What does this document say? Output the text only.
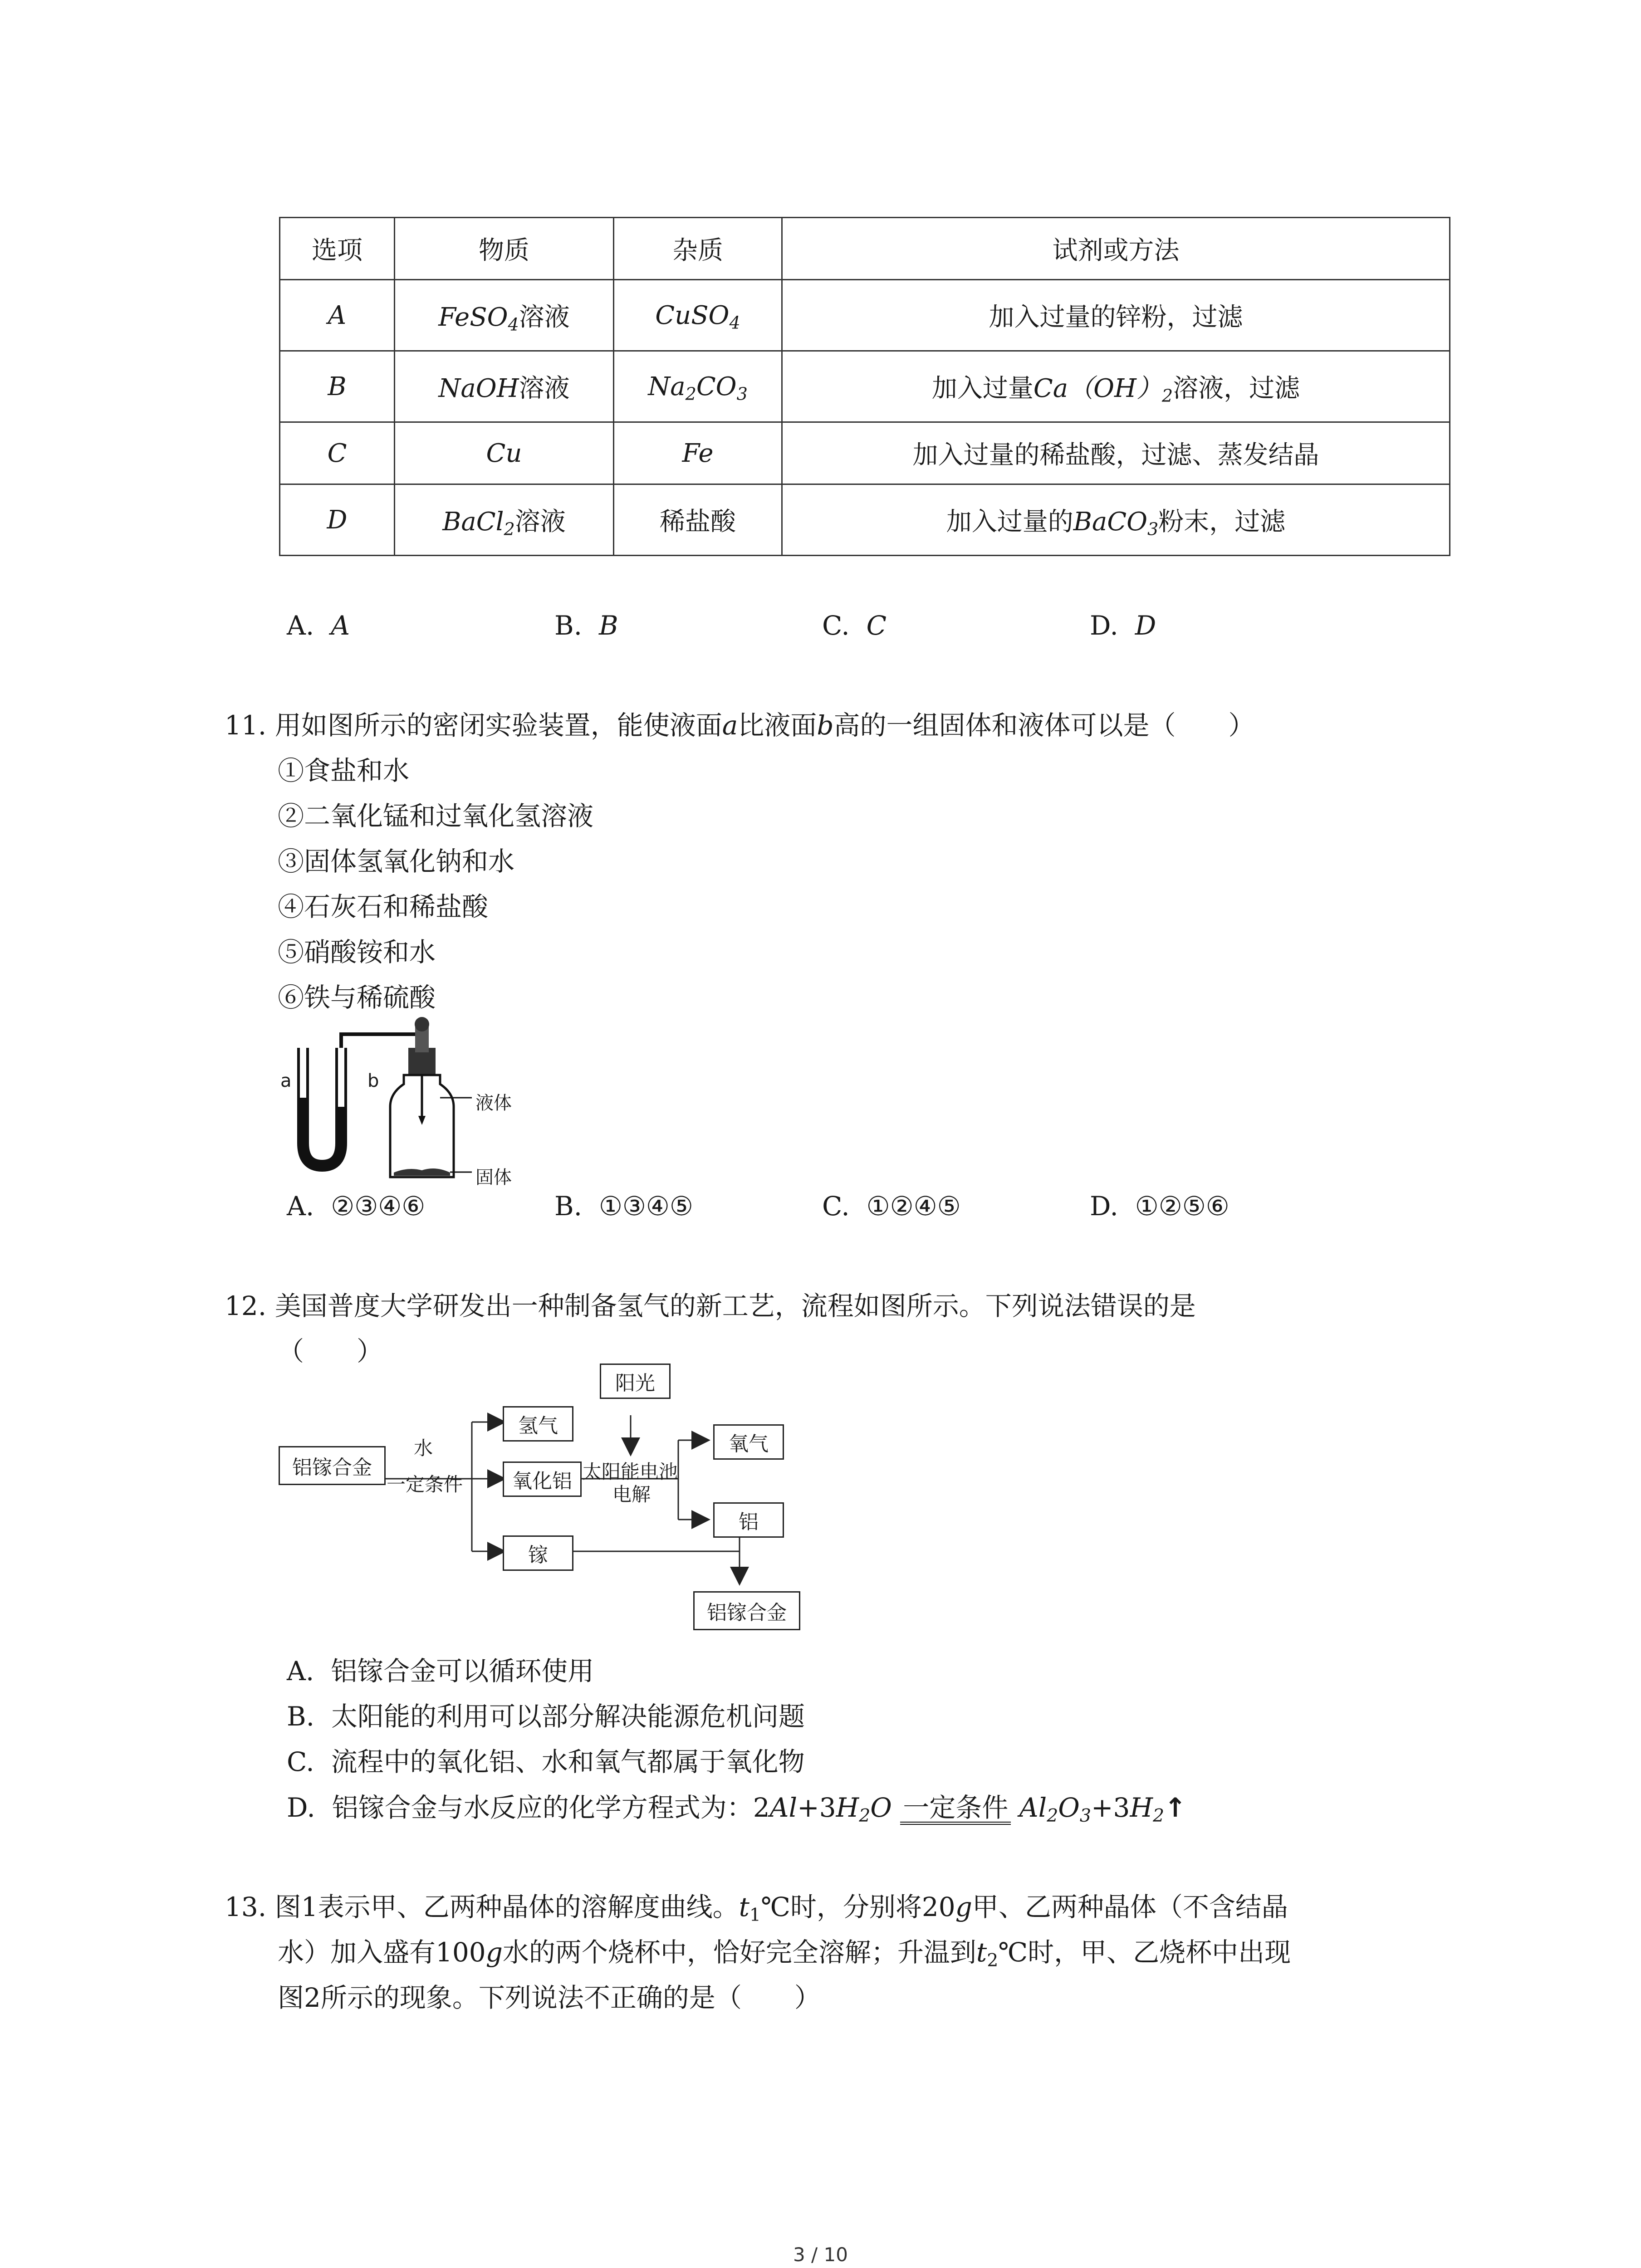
选项	物质	杂质	试剂或方法
A	FeSO$_4$溶液	CuSO$_4$	加入过量的锌粉，过滤
B	NaOH溶液	$Na_2CO_3$	加入过量$Ca(OH)_2$溶液，过滤
C	Cu	Fe	加入过量的稀盐酸，过滤、蒸发结晶
D	BaCl$_2$溶液	稀盐酸	加入过量的BaCO$_3$粉末，过滤
A. A	B. B	C. C	D. D
11. 用如图所示的密闭实验装置，能使液面a比液面b高的一组固体和液体可以是（　　）
①食盐和水
②二氧化锰和过氧化氢溶液
③固体氢氧化钠和水
④石灰石和稀盐酸
⑤硝酸铵和水
⑥铁与稀硫酸
a	b
液体
固体
A. ②③④⑥	B. ①③④⑤	C. ①②④⑤	D. ①②⑤⑥
12. 美国普度大学研发出一种制备氢气的新工艺，流程如图所示。下列说法错误的是
（　　）
铝镓合金
水
一定条件
氢气
氧化铝
镓
阳光
太阳能电池
电解
氧气
铝
铝镓合金
A. 铝镓合金可以循环使用
B. 太阳能的利用可以部分解决能源危机问题
C. 流程中的氧化铝、水和氧气都属于氧化物
D. 铝镓合金与水反应的化学方程式为：$2Al+3H_2O$ 一定条件 $Al_2O_3+3H_2↑$
13. 图1表示甲、乙两种晶体的溶解度曲线。$t_1℃$时，分别将20g甲、乙两种晶体（不含结晶
水）加入盛有100g水的两个烧杯中，恰好完全溶解；升温到$t_2℃$时，甲、乙烧杯中出现
图2所示的现象。下列说法不正确的是（　　）
3 / 10
